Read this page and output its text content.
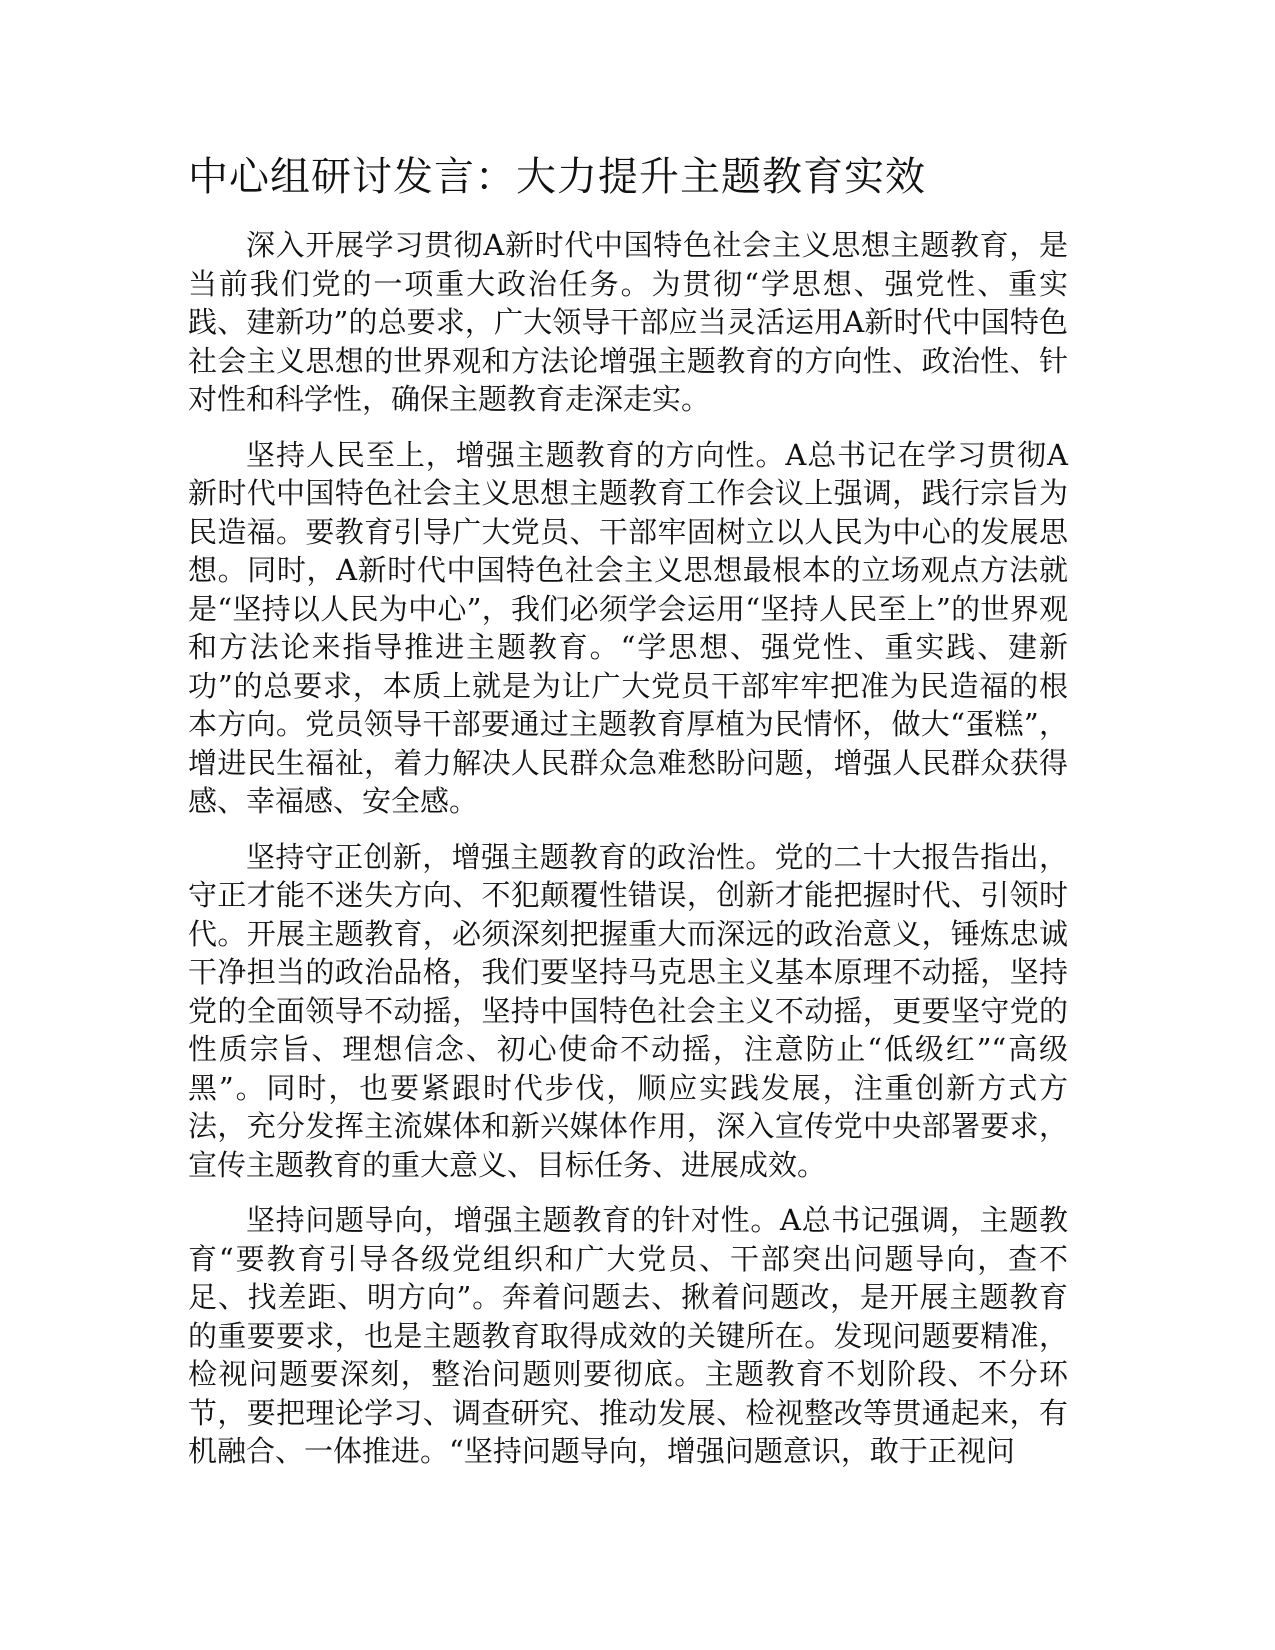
中心组研讨发言：大力提升主题教育实效

深入开展学习贯彻A新时代中国特色社会主义思想主题教育，是当前我们党的一项重大政治任务。为贯彻“学思想、强党性、重实践、建新功”的总要求，广大领导干部应当灵活运用A新时代中国特色社会主义思想的世界观和方法论增强主题教育的方向性、政治性、针对性和科学性，确保主题教育走深走实。

坚持人民至上，增强主题教育的方向性。A总书记在学习贯彻A新时代中国特色社会主义思想主题教育工作会议上强调，践行宗旨为民造福。要教育引导广大党员、干部牢固树立以人民为中心的发展思想。同时，A新时代中国特色社会主义思想最根本的立场观点方法就是“坚持以人民为中心”，我们必须学会运用“坚持人民至上”的世界观和方法论来指导推进主题教育。“学思想、强党性、重实践、建新功”的总要求，本质上就是为让广大党员干部牢牢把准为民造福的根本方向。党员领导干部要通过主题教育厚植为民情怀，做大“蛋糕”，增进民生福祉，着力解决人民群众急难愁盼问题，增强人民群众获得感、幸福感、安全感。

坚持守正创新，增强主题教育的政治性。党的二十大报告指出，守正才能不迷失方向、不犯颠覆性错误，创新才能把握时代、引领时代。开展主题教育，必须深刻把握重大而深远的政治意义，锤炼忠诚干净担当的政治品格，我们要坚持马克思主义基本原理不动摇，坚持党的全面领导不动摇，坚持中国特色社会主义不动摇，更要坚守党的性质宗旨、理想信念、初心使命不动摇，注意防止“低级红”“高级黑”。同时，也要紧跟时代步伐，顺应实践发展，注重创新方式方法，充分发挥主流媒体和新兴媒体作用，深入宣传党中央部署要求，宣传主题教育的重大意义、目标任务、进展成效。

坚持问题导向，增强主题教育的针对性。A总书记强调，主题教育“要教育引导各级党组织和广大党员、干部突出问题导向，查不足、找差距、明方向”。奔着问题去、揪着问题改，是开展主题教育的重要要求，也是主题教育取得成效的关键所在。发现问题要精准，检视问题要深刻，整治问题则要彻底。主题教育不划阶段、不分环节，要把理论学习、调查研究、推动发展、检视整改等贯通起来，有机融合、一体推进。“坚持问题导向，增强问题意识，敢于正视问
